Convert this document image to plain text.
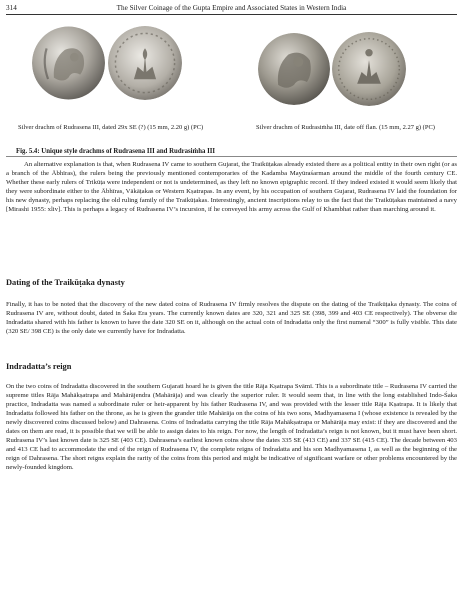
314	The Silver Coinage of the Gupta Empire and Associated States in Western India
Silver drachm of Rudrasena III, dated 29x SE (?) (15 mm, 2.20 g) (PC)	Silver drachm of Rudrasiṁha III, date off flan. (15 mm, 2.27 g) (PC)
Fig. 5.4: Unique style drachms of Rudrasena III and Rudrasiṁha III

An alternative explanation is that, when Rudrasena IV came to southern Gujarat, the Traikūṭakas already existed there as a political entity in their own right (or as a branch of the Ābhīras), the rulers being the previously mentioned contemporaries of the Kadamba Mayūraśarman around the middle of the fourth century CE. Whether these early rulers of Trikūṭa were independent or not is undetermined, as they left no known epigraphic record. If they indeed existed it would seem likely that they were subordinate either to the Ābhīras, Vākāṭakas or Western Kṣatrapas. In any event, by his occupation of southern Gujarat, Rudrasena IV laid the foundation for his new dynasty, perhaps replacing the old ruling family of the Traikūṭakas. Interestingly, ancient inscriptions relay to us the fact that the Traikūṭakas maintained a navy [Mirashi 1955: xliv]. This is perhaps a legacy of Rudrasena IV’s incursion, if he conveyed his army across the Gulf of Khambhat rather than marching around it.

Dating of the Traikūṭaka dynasty

Finally, it has to be noted that the discovery of the new dated coins of Rudrasena IV firmly resolves the dispute on the dating of the Traikūṭaka dynasty. The coins of Rudrasena IV are, without doubt, dated in Śaka Era years. The currently known dates are 320, 321 and 325 SE (398, 399 and 403 CE respectively). The obverse die Indradatta shared with his father is known to have the date 320 SE on it, although on the actual coin of Indradatta only the first numeral “300” is fully visible. This date (320 SE/ 398 CE) is the only date we currently have for Indradatta.

Indradatta’s reign

On the two coins of Indradatta discovered in the southern Gujarati hoard he is given the title Rāja Kṣatrapa Svāmī. This is a subordinate title – Rudrasena IV carried the supreme titles Rāja Mahākṣatrapa and Mahārājendra (Mahārāja) and was clearly the superior ruler. It would seem that, in line with the long established Indo-Śaka practice, Indradatta was named a subordinate ruler or heir-apparent by his father Rudrasena IV, and was provided with the lesser title Rāja Kṣatrapa. It is likely that Indradatta followed his father on the throne, as he is given the grander title Mahārāja on the coins of his two sons, Madhyamasena I (whose existence is revealed by the newly discovered coins discussed below) and Dahrasena. Coins of Indradatta carrying the title Rāja Mahākṣatrapa or Mahārāja may exist: if they are discovered and the dates on them are read, it is possible that we will be able to assign dates to his reign. For now, the length of Indradatta’s reign is not known, but it must have been short. Rudrasena IV’s last known date is 325 SE (403 CE). Dahrasena’s earliest known coins show the dates 335 SE (413 CE) and 337 SE (415 CE). The decade between 403 and 413 CE had to accommodate the end of the reign of Rudrasena IV, the complete reigns of Indradatta and his son Madhyamasena I, as well as the beginning of the reign of Dahrasena. The short reigns explain the rarity of the coins from this period and might be indicative of significant warfare or other problems encountered by the newly-founded kingdom.
